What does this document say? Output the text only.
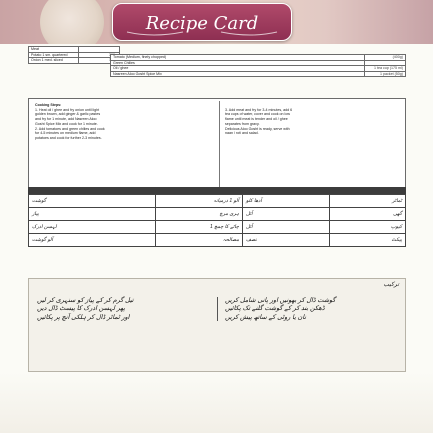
Recipe Card
Meat	
Potato 1 sm. quartered	
Onion 1 med. sliced	
Tomato (Medium, finely chopped)	(400g)
Green Chilies	
Oil / ghee	1 tea cup (175 ml)
Nasreen Aloo Gosht Spice Mix	1 packet (50g)
Cooking Steps:
1. Heat oil / ghee and fry onion until light
golden brown, add ginger & garlic pastes
and fry for 1 minute, add Nasreen Aloo
Gosht Spice Mix and cook for 1 minute.
2. Add tomatoes and green chilies and cook
for 4-5 minutes on medium flame, add
potatoes and cook for further 2-3 minutes.
3. Add meat and fry for 3-4 minutes, add 6
tea cups of water, cover and cook on low
flame until meat is tender and oil / ghee
separates from gravy.
Delicious Aloo Gosht is ready, serve with
naan / roti and salad.
گوشت	آلو 1 درمیانہ	آدھا کلو	ٹماٹر
پیاز	ہری مرچ	آئل	گھی
لہسن ادرک	1 چائے کا چمچ	آئل	کیوپ
آلو گوشت	مصالحہ	نصف	پیکٹ
ترکیب
تیل گرم کر کے پیاز کو سنہری کر لیں
پھر لہسن ادرک کا پیسٹ ڈال دیں
اور ٹماٹر ڈال کر ہلکی آنچ پر پکائیں
گوشت ڈال کر بھونیں اور پانی شامل کریں
ڈھکن بند کر کے گوشت گلنے تک پکائیں
نان یا روٹی کے ساتھ پیش کریں
